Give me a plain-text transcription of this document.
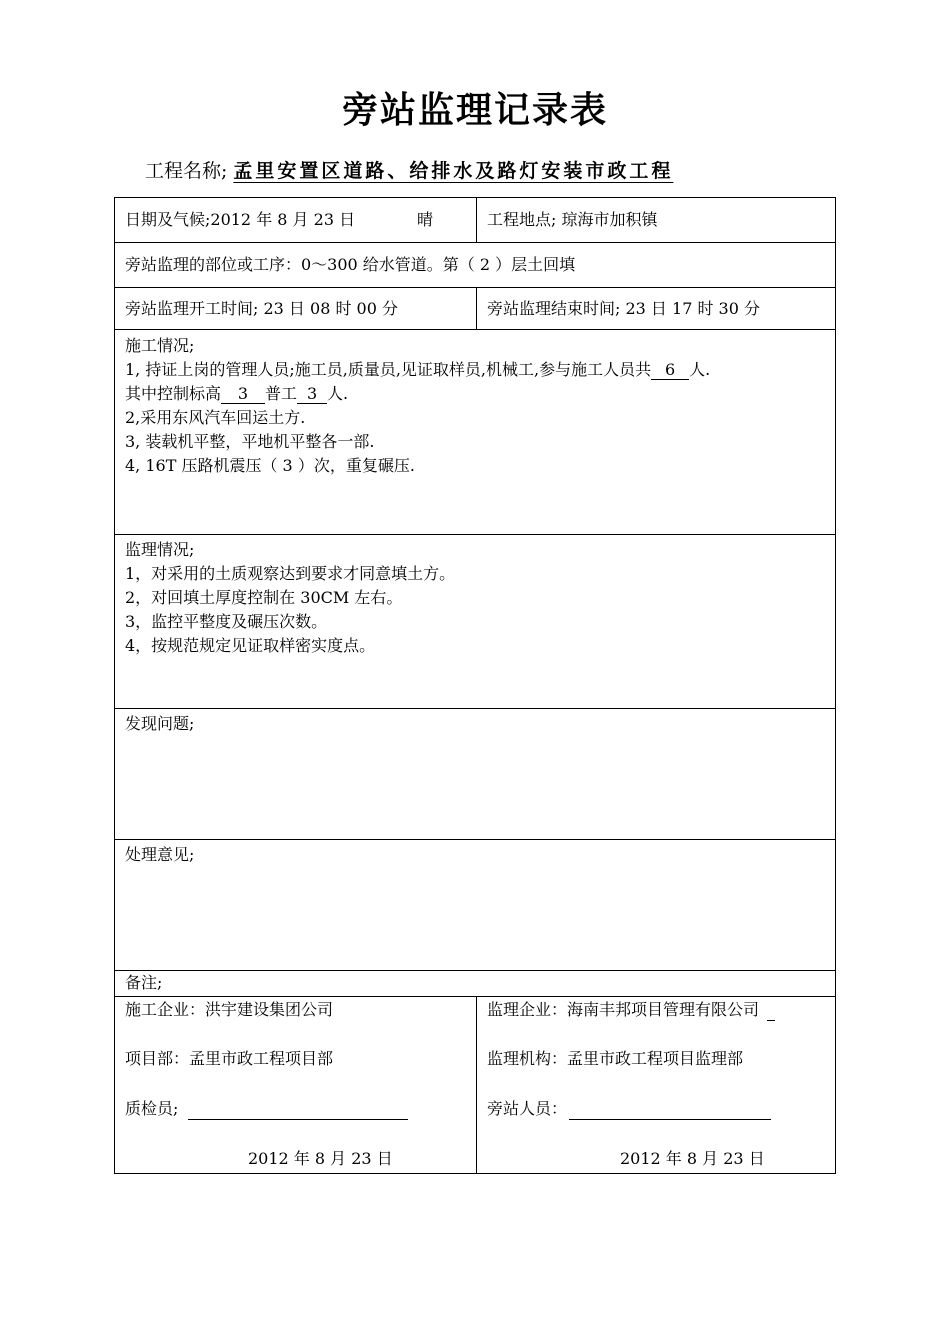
旁站监理记录表
工程名称; 孟里安置区道路、给排水及路灯安装市政工程
日期及气候;2012 年 8 月 23 日	晴	工程地点; 琼海市加积镇
旁站监理的部位或工序：0～300 给水管道。第（ 2 ）层土回填
旁站监理开工时间; 23 日 08 时 00 分	旁站监理结束时间; 23 日 17 时 30 分
施工情况;
1, 持证上岗的管理人员;施工员,质量员,见证取样员,机械工,参与施工人员共 6 人.
其中控制标高 3 普工 3 人.
2,采用东风汽车回运土方.
3, 装载机平整，平地机平整各一部.
4, 16T 压路机震压（ 3 ）次，重复碾压.
监理情况;
1，对采用的土质观察达到要求才同意填土方。
2，对回填土厚度控制在 30CM 左右。
3，监控平整度及碾压次数。
4，按规范规定见证取样密实度点。
发现问题;
处理意见;
备注;
施工企业：洪宇建设集团公司
项目部：孟里市政工程项目部
质检员;
2012 年 8 月 23 日
监理企业：海南丰邦项目管理有限公司
监理机构：孟里市政工程项目监理部
旁站人员：
2012 年 8 月 23 日
